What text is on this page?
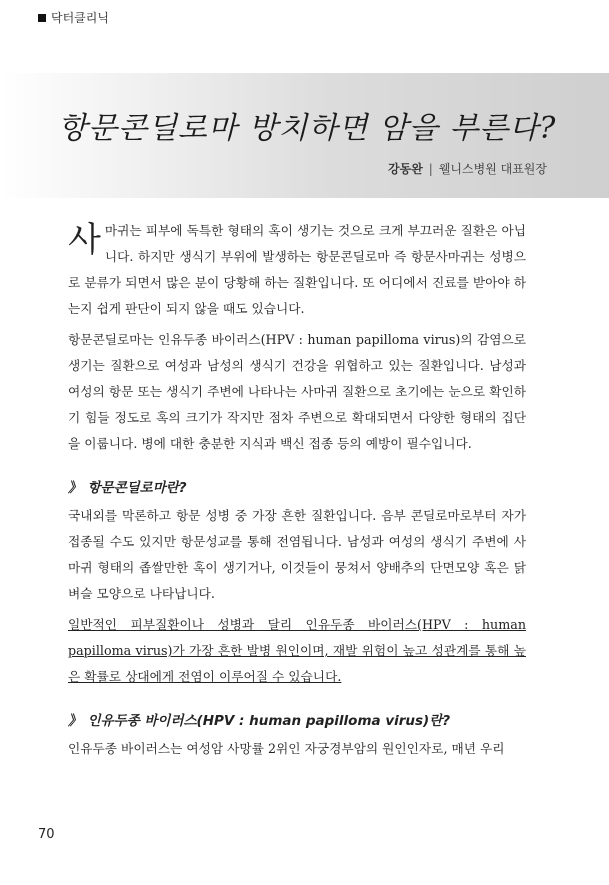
닥터클리닉
항문콘딜로마 방치하면 암을 부른다?
강동완 | 웰니스병원 대표원장

사마귀는 피부에 독특한 형태의 혹이 생기는 것으로 크게 부끄러운 질환은 아닙니다. 하지만 생식기 부위에 발생하는 항문콘딜로마 즉 항문사마귀는 성병으로 분류가 되면서 많은 분이 당황해 하는 질환입니다. 또 어디에서 진료를 받아야 하는지 쉽게 판단이 되지 않을 때도 있습니다.

항문콘딜로마는 인유두종 바이러스(HPV : human papilloma virus)의 감염으로 생기는 질환으로 여성과 남성의 생식기 건강을 위협하고 있는 질환입니다. 남성과 여성의 항문 또는 생식기 주변에 나타나는 사마귀 질환으로 초기에는 눈으로 확인하기 힘들 정도로 혹의 크기가 작지만 점차 주변으로 확대되면서 다양한 형태의 집단을 이룹니다. 병에 대한 충분한 지식과 백신 접종 등의 예방이 필수입니다.

》 항문콘딜로마란?

국내외를 막론하고 항문 성병 중 가장 흔한 질환입니다. 음부 콘딜로마로부터 자가접종될 수도 있지만 항문성교를 통해 전염됩니다. 남성과 여성의 생식기 주변에 사마귀 형태의 좁쌀만한 혹이 생기거나, 이것들이 뭉쳐서 양배추의 단면모양 혹은 닭벼슬 모양으로 나타납니다.

일반적인 피부질환이나 성병과 달리 인유두종 바이러스(HPV : human papilloma virus)가 가장 흔한 발병 원인이며, 재발 위험이 높고 성관계를 통해 높은 확률로 상대에게 전염이 이루어질 수 있습니다.

》 인유두종 바이러스(HPV : human papilloma virus)란?

인유두종 바이러스는 여성암 사망률 2위인 자궁경부암의 원인인자로, 매년 우리

70
